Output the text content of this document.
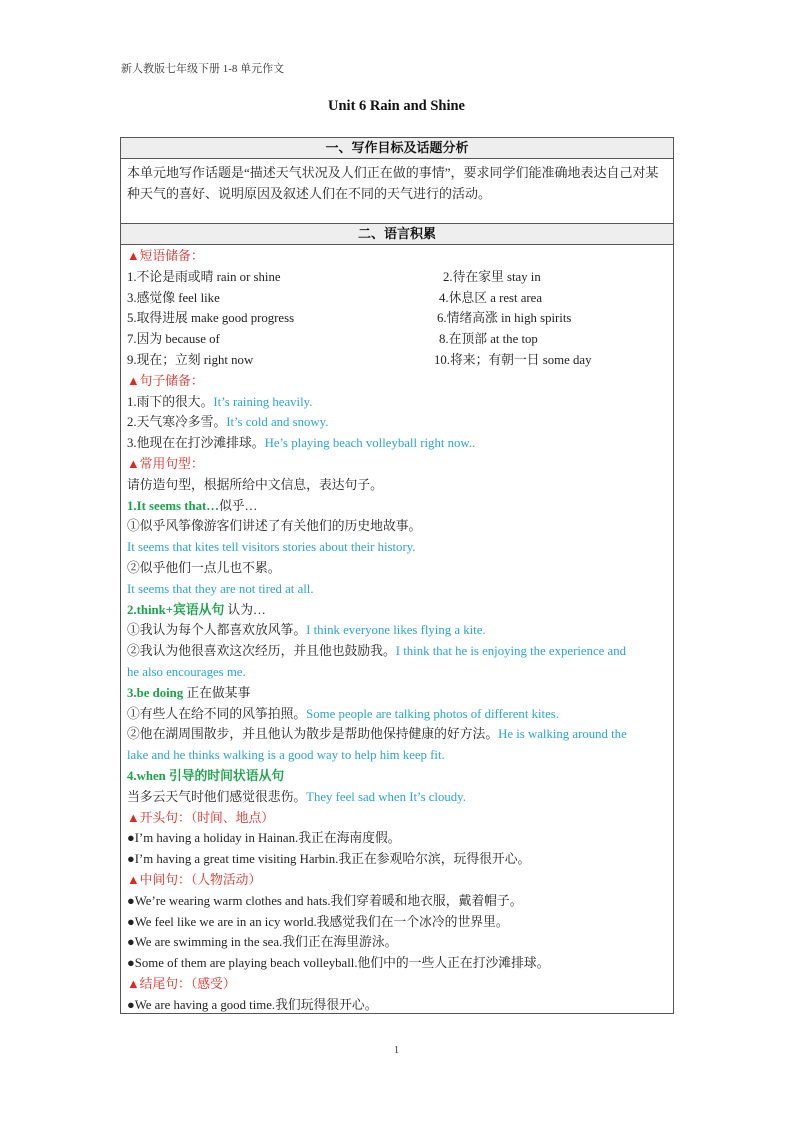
新人教版七年级下册 1-8 单元作文
Unit 6 Rain and Shine
一、写作目标及话题分析
本单元地写作话题是“描述天气状况及人们正在做的事情”，要求同学们能准确地表达自己对某种天气的喜好、说明原因及叙述人们在不同的天气进行的活动。
二、语言积累
▲短语储备：
1.不论是雨或晴 rain or shine	2.待在家里 stay in
3.感觉像 feel like	4.休息区 a rest area
5.取得进展 make good progress	6.情绪高涨 in high spirits
7.因为 because of	8.在顶部 at the top
9.现在；立刻 right now	10.将来；有朝一日 some day
▲句子储备：
1.雨下的很大。It’s raining heavily.
2.天气寒冷多雪。It’s cold and snowy.
3.他现在在打沙滩排球。He’s playing beach volleyball right now..
▲常用句型：
请仿造句型，根据所给中文信息，表达句子。
1.It seems that…似乎…
①似乎风筝像游客们讲述了有关他们的历史地故事。
It seems that kites tell visitors stories about their history.
②似乎他们一点儿也不累。
It seems that they are not tired at all.
2.think+宾语从句 认为…
①我认为每个人都喜欢放风筝。I think everyone likes flying a kite.
②我认为他很喜欢这次经历，并且他也鼓励我。I think that he is enjoying the experience and
he also encourages me.
3.be doing 正在做某事
①有些人在给不同的风筝拍照。Some people are talking photos of different kites.
②他在湖周围散步，并且他认为散步是帮助他保持健康的好方法。He is walking around the
lake and he thinks walking is a good way to help him keep fit.
4.when 引导的时间状语从句
当多云天气时他们感觉很悲伤。They feel sad when It’s cloudy.
▲开头句：（时间、地点）
●I’m having a holiday in Hainan.我正在海南度假。
●I’m having a great time visiting Harbin.我正在参观哈尔滨，玩得很开心。
▲中间句：（人物活动）
●We’re wearing warm clothes and hats.我们穿着暖和地衣服，戴着帽子。
●We feel like we are in an icy world.我感觉我们在一个冰冷的世界里。
●We are swimming in the sea.我们正在海里游泳。
●Some of them are playing beach volleyball.他们中的一些人正在打沙滩排球。
▲结尾句：（感受）
●We are having a good time.我们玩得很开心。
1
